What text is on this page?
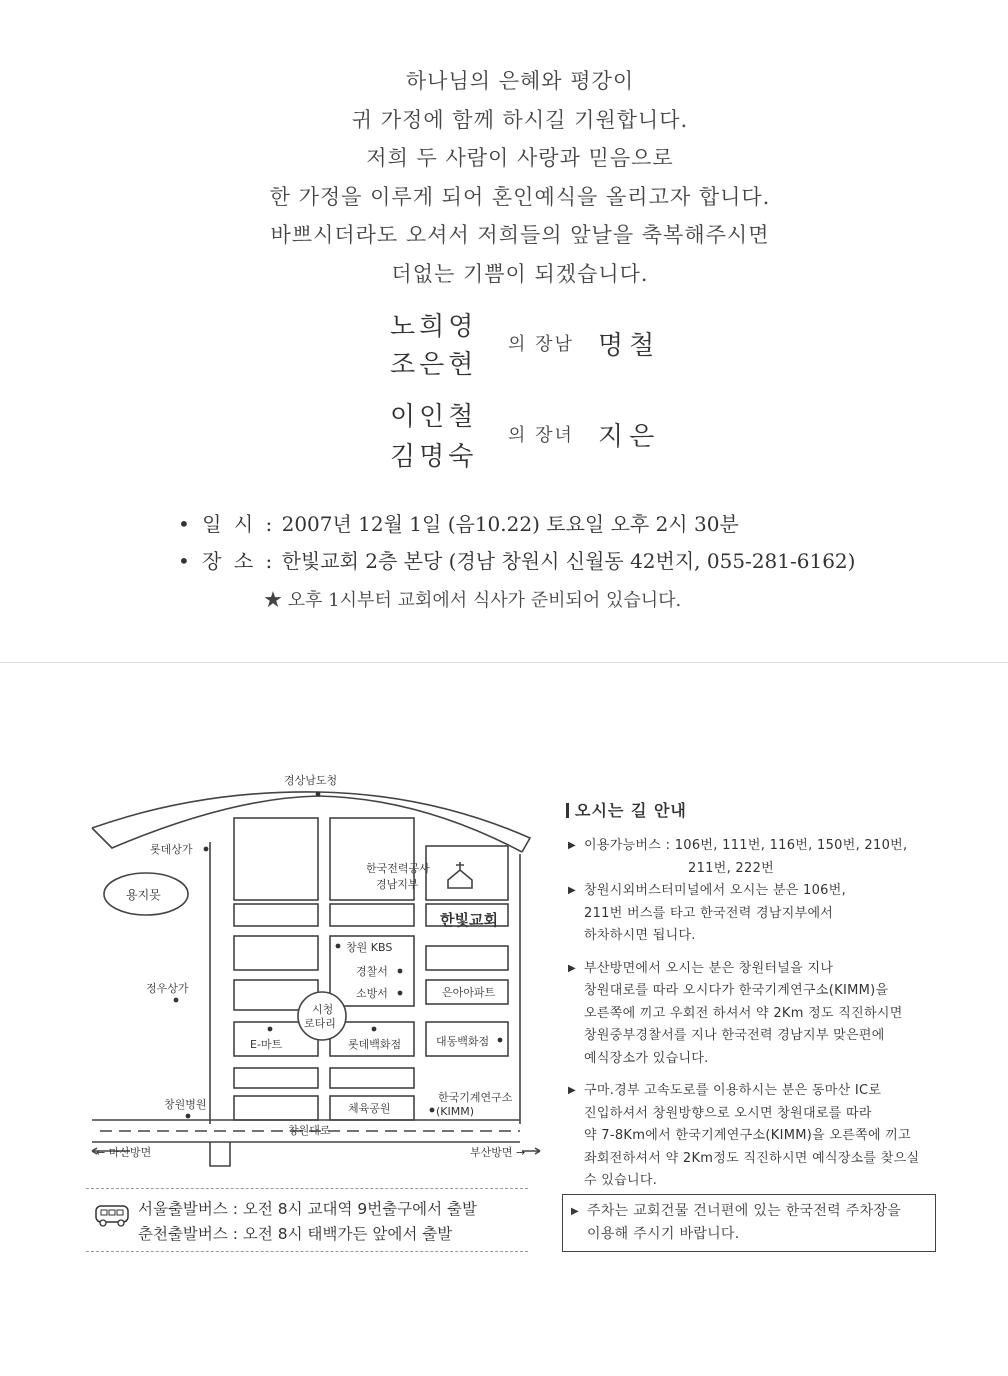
하나님의 은혜와 평강이
귀 가정에 함께 하시길 기원합니다.
저희 두 사람이 사랑과 믿음으로
한 가정을 이루게 되어 혼인예식을 올리고자 합니다.
바쁘시더라도 오셔서 저희들의 앞날을 축복해주시면
더없는 기쁨이 되겠습니다.
노희영
조은현
의 장남 명철
이인철
김명숙
의 장녀 지은
• 일 시 : 2007년 12월 1일 (음10.22) 토요일 오후 2시 30분
• 장 소 : 한빛교회 2층 본당 (경남 창원시 신월동 42번지, 055-281-6162)
★ 오후 1시부터 교회에서 식사가 준비되어 있습니다.
경상남도청
롯데상가
용지못
한국전력공사
경남지부
한빛교회
창원 KBS
경찰서
소방서	은아아파트
정우상가
시청
로타리
E-마트	롯데백화점	대동백화점
창원병원	체육공원
한국기계연구소
(KIMM)
창원대로
← 마산방면	부산방면 →
오시는 길 안내
▶ 이용가능버스 : 106번, 111번, 116번, 150번, 210번,
211번, 222번
▶ 창원시외버스터미널에서 오시는 분은 106번,
211번 버스를 타고 한국전력 경남지부에서
하차하시면 됩니다.
▶ 부산방면에서 오시는 분은 창원터널을 지나
창원대로를 따라 오시다가 한국기계연구소(KIMM)을
오른쪽에 끼고 우회전 하셔서 약 2Km 정도 직진하시면
창원중부경찰서를 지나 한국전력 경남지부 맞은편에
예식장소가 있습니다.
▶ 구마.경부 고속도로를 이용하시는 분은 동마산 IC로
진입하셔서 창원방향으로 오시면 창원대로를 따라
약 7-8Km에서 한국기계연구소(KIMM)을 오른쪽에 끼고
좌회전하셔서 약 2Km정도 직진하시면 예식장소를 찾으실
수 있습니다.
▶ 주차는 교회건물 건너편에 있는 한국전력 주차장을
이용해 주시기 바랍니다.
서울출발버스 : 오전 8시 교대역 9번출구에서 출발
춘천출발버스 : 오전 8시 태백가든 앞에서 출발
